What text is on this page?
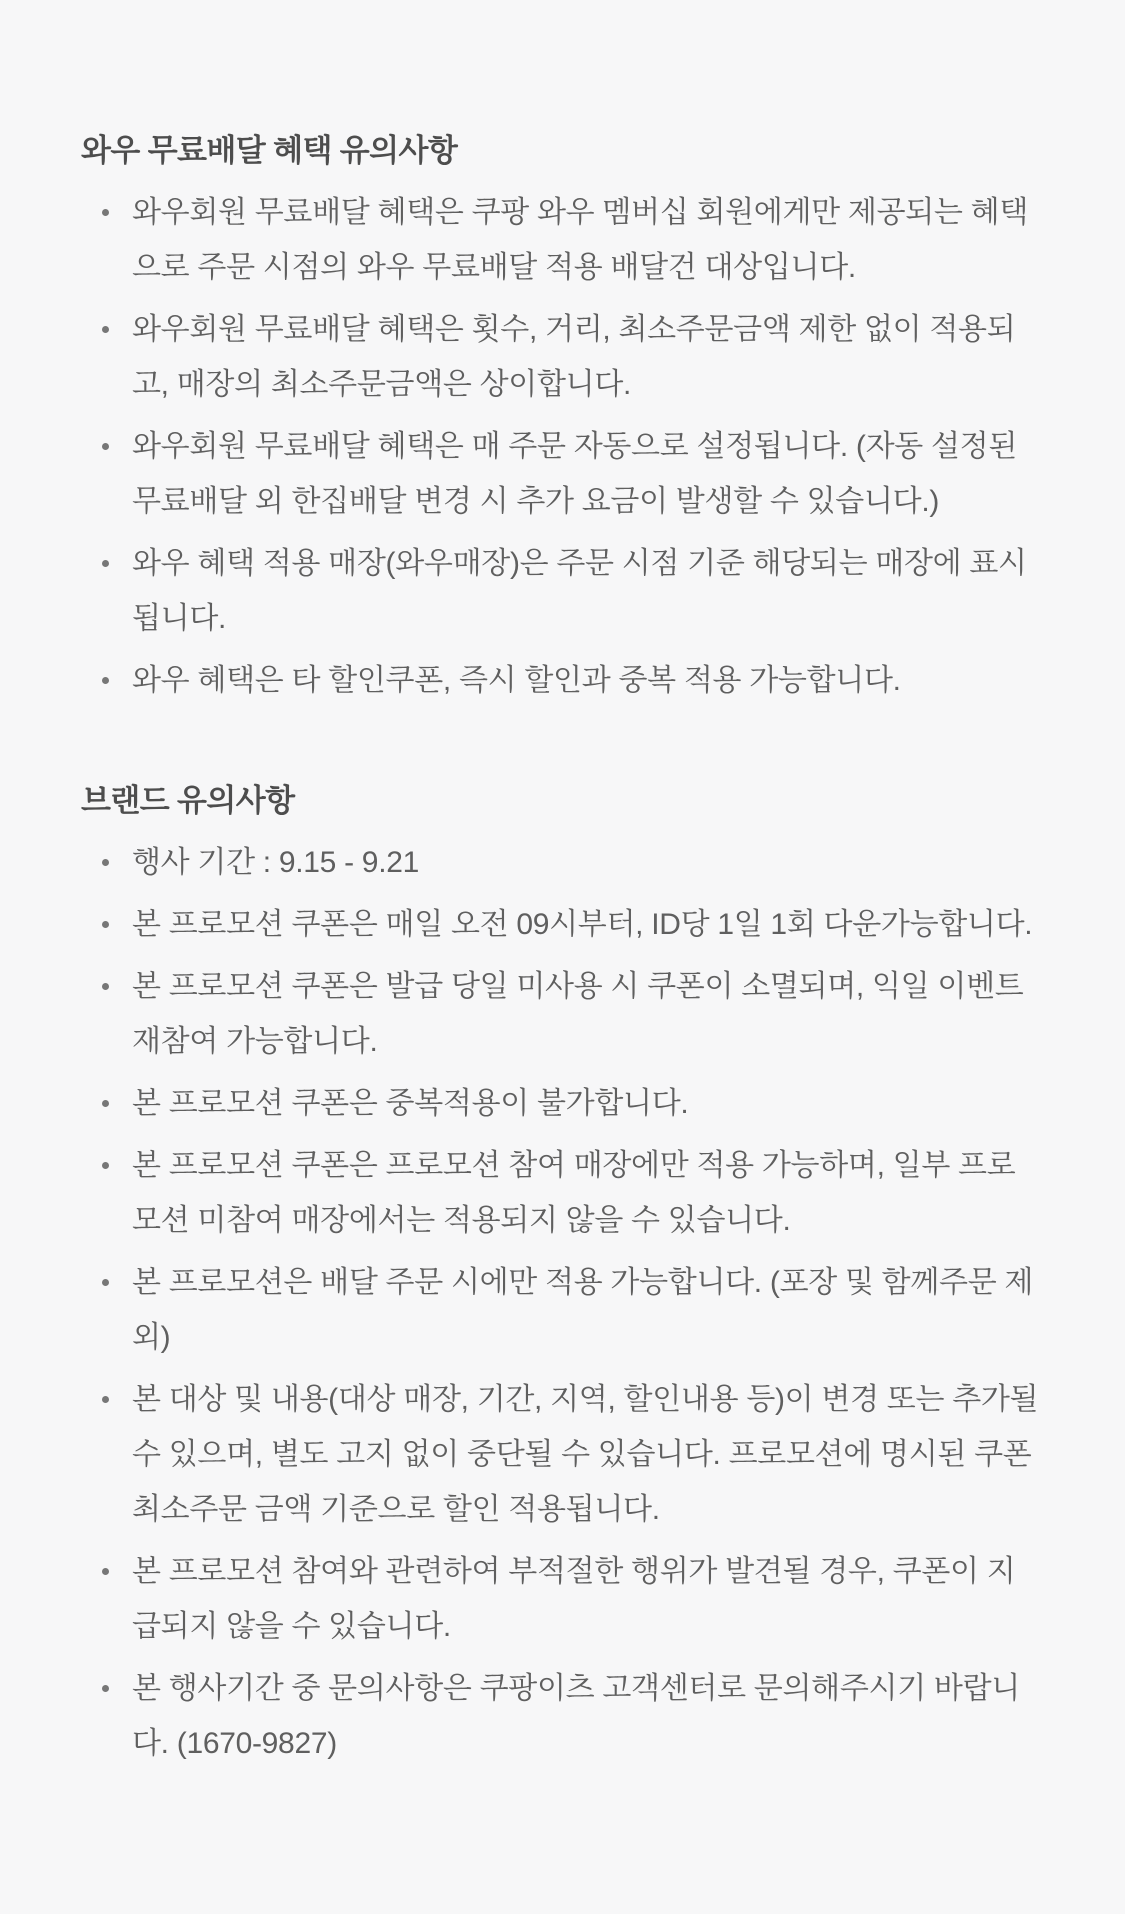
와우 무료배달 혜택 유의사항
와우회원 무료배달 혜택은 쿠팡 와우 멤버십 회원에게만 제공되는 혜택으로 주문 시점의 와우 무료배달 적용 배달건 대상입니다.
와우회원 무료배달 혜택은 횟수, 거리, 최소주문금액 제한 없이 적용되고, 매장의 최소주문금액은 상이합니다.
와우회원 무료배달 혜택은 매 주문 자동으로 설정됩니다. (자동 설정된무료배달 외 한집배달 변경 시 추가 요금이 발생할 수 있습니다.)
와우 혜택 적용 매장(와우매장)은 주문 시점 기준 해당되는 매장에 표시됩니다.
와우 혜택은 타 할인쿠폰, 즉시 할인과 중복 적용 가능합니다.
브랜드 유의사항
행사 기간 : 9.15 - 9.21
본 프로모션 쿠폰은 매일 오전 09시부터, ID당 1일 1회 다운가능합니다.
본 프로모션 쿠폰은 발급 당일 미사용 시 쿠폰이 소멸되며, 익일 이벤트 재참여 가능합니다.
본 프로모션 쿠폰은 중복적용이 불가합니다.
본 프로모션 쿠폰은 프로모션 참여 매장에만 적용 가능하며, 일부 프로모션 미참여 매장에서는 적용되지 않을 수 있습니다.
본 프로모션은 배달 주문 시에만 적용 가능합니다. (포장 및 함께주문 제외)
본 대상 및 내용(대상 매장, 기간, 지역, 할인내용 등)이 변경 또는 추가될 수 있으며, 별도 고지 없이 중단될 수 있습니다. 프로모션에 명시된 쿠폰 최소주문 금액 기준으로 할인 적용됩니다.
본 프로모션 참여와 관련하여 부적절한 행위가 발견될 경우, 쿠폰이 지급되지 않을 수 있습니다.
본 행사기간 중 문의사항은 쿠팡이츠 고객센터로 문의해주시기 바랍니다. (1670-9827)
